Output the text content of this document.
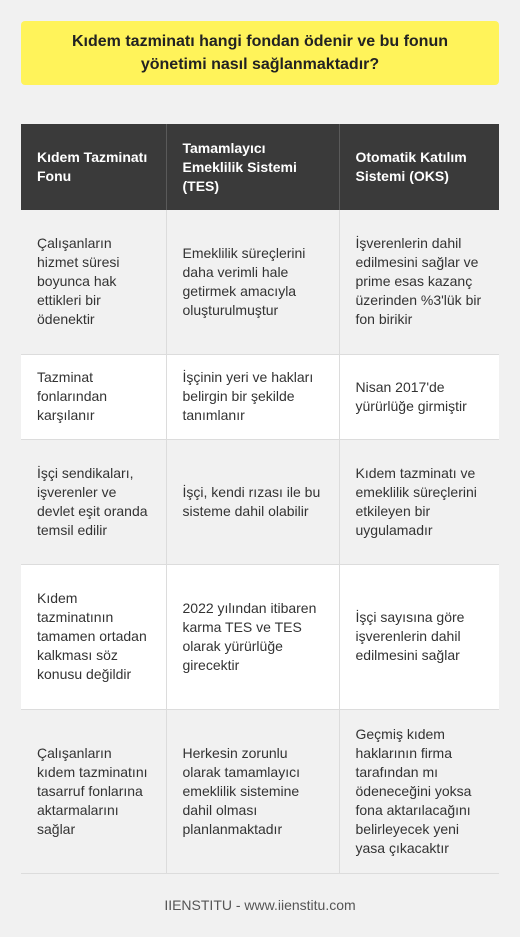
Kıdem tazminatı hangi fondan ödenir ve bu fonun yönetimi nasıl sağlanmaktadır?
Kıdem Tazminatı Fonu	Tamamlayıcı Emeklilik Sistemi (TES)	Otomatik Katılım Sistemi (OKS)
Çalışanların hizmet süresi boyunca hak ettikleri bir ödenektir	Emeklilik süreçlerini daha verimli hale getirmek amacıyla oluşturulmuştur	İşverenlerin dahil edilmesini sağlar ve prime esas kazanç üzerinden %3'lük bir fon birikir
Tazminat fonlarından karşılanır	İşçinin yeri ve hakları belirgin bir şekilde tanımlanır	Nisan 2017'de yürürlüğe girmiştir
İşçi sendikaları, işverenler ve devlet eşit oranda temsil edilir	İşçi, kendi rızası ile bu sisteme dahil olabilir	Kıdem tazminatı ve emeklilik süreçlerini etkileyen bir uygulamadır
Kıdem tazminatının tamamen ortadan kalkması söz konusu değildir	2022 yılından itibaren karma TES ve TES olarak yürürlüğe girecektir	İşçi sayısına göre işverenlerin dahil edilmesini sağlar
Çalışanların kıdem tazminatını tasarruf fonlarına aktarmalarını sağlar	Herkesin zorunlu olarak tamamlayıcı emeklilik sistemine dahil olması planlanmaktadır	Geçmiş kıdem haklarının firma tarafından mı ödeneceğini yoksa fona aktarılacağını belirleyecek yeni yasa çıkacaktır
IIENSTITU - www.iienstitu.com
